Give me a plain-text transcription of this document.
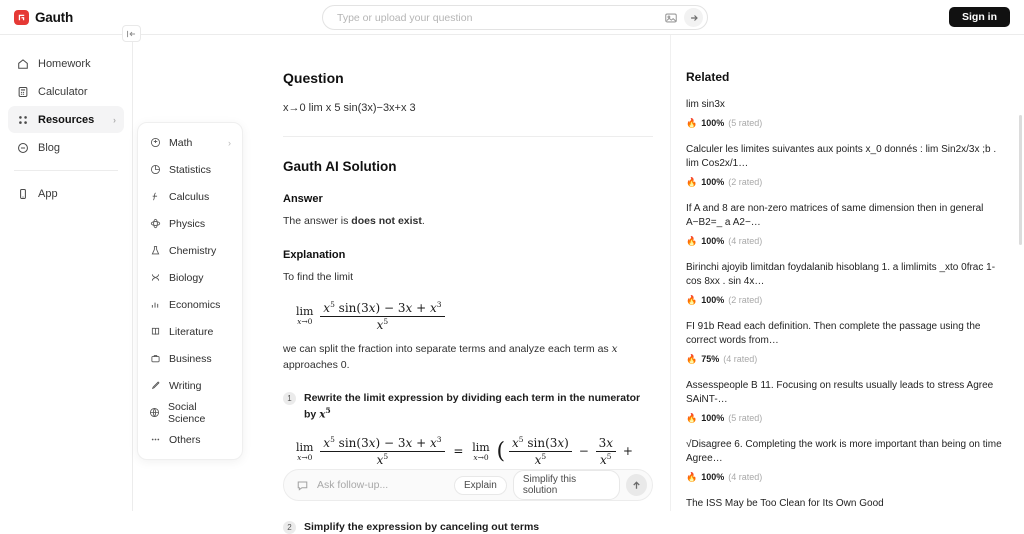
Gauth
Type or upload your question	Sign in
Homework
Calculator
Resources ›
Blog
App
Math	›
Statistics
Calculus
Physics
Chemistry
Biology
Economics
Literature
Business
Writing
Social Science
Others
Question
x→0 lim x 5 sin(3x)−3x+x 3
Gauth AI Solution
Answer
The answer is does not exist.
Explanation
To find the limit
lim
x→0
$\frac{x^5 \sin(3x) - 3x + x^3}{x^5}$
we can split the fraction into separate terms and analyze each term as x approaches 0.
1	Rewrite the limit expression by dividing each term in the numerator by $x^5$
lim
x→0
$\frac{x^5 \sin(3x) - 3x + x^3}{x^5} = \lim$
x→0 ( $\frac{x^5 \sin(3x)}{x^5} - \frac{3x}{x^5}$ +
2	Simplify the expression by canceling out terms
Ask follow-up...
Explain	Simplify this solution
Related
lim sin3x
🔥 100% (5 rated)
Calculer les limites suivantes aux points x_0 donnés : lim Sin2x/3x ;b . lim Cos2x/1…
🔥 100% (2 rated)
If A and 8 are non-zero matrices of same dimension then in general A−B2=_ a A2−…
🔥 100% (4 rated)
Birinchi ajoyib limitdan foydalanib hisoblang 1. a limlimits _xto 0frac 1-cos 8xx . sin 4x…
🔥 100% (2 rated)
FI 91b Read each definition. Then complete the passage using the correct words from…
🔥 75% (4 rated)
Assesspeople B 11. Focusing on results usually leads to stress Agree SAiNT-…
🔥 100% (5 rated)
√Disagree 6. Completing the work is more important than being on time Agree…
🔥 100% (4 rated)
The ISS May be Too Clean for Its Own Good
